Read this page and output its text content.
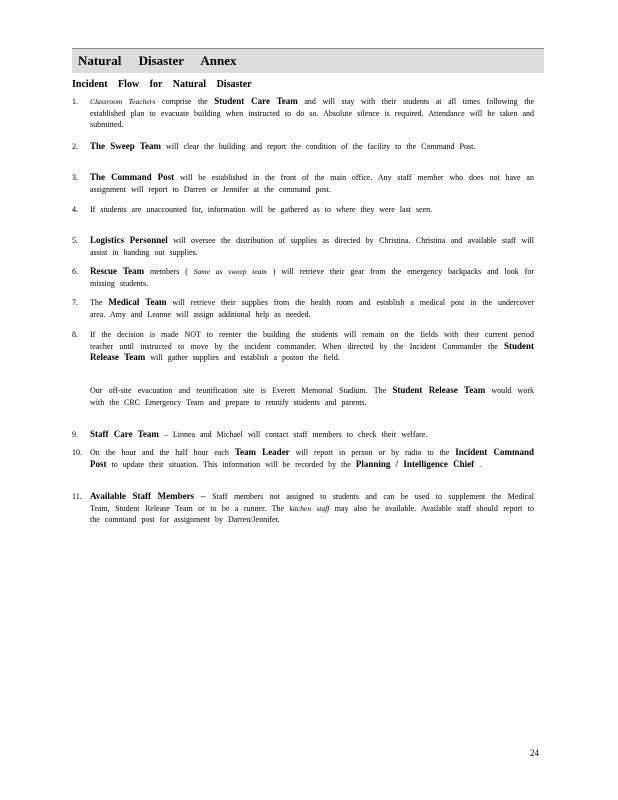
Natural Disaster Annex
Incident Flow for Natural Disaster
1. Classroom Teachers comprise the Student Care Team and will stay with their students at all times following the established plan to evacuate building when instructed to do so. Absolute silence is required. Attendance will be taken and submitted.
2. The Sweep Team will clear the building and report the condition of the facility to the Command Post.
3. The Command Post will be established in the front of the main office. Any staff member who does not have an assignment will report to Darren or Jennifer at the command post.
4. If students are unaccounted for, information will be gathered as to where they were last seen.
5. Logistics Personnel will oversee the distribution of supplies as directed by Christina. Christina and available staff will assist in handing out supplies.
6. Rescue Team members ( Same as sweep team ) will retrieve their gear from the emergency backpacks and look for missing students.
7. The Medical Team will retrieve their supplies from the health room and establish a medical post in the undercover area. Amy and Leanne will assign additional help as needed.
8. If the decision is made NOT to reenter the building the students will remain on the fields with their current period teacher until instructed to move by the incident commander. When directed by the Incident Commander the Student Release Team will gather supplies and establish a poston the field.
Our off-site evacuation and reunification site is Everett Memorial Stadium. The Student Release Team would work with the CRC Emergency Team and prepare to reunify students and parents.
9. Staff Care Team – Linnea and Michael will contact staff members to check their welfare.
10. On the hour and the half hour each Team Leader will report in person or by radio to the Incident Command Post to update their situation. This information will be recorded by the Planning / Intelligence Chief .
11. Available Staff Members -- Staff members not assigned to students and can be used to supplement the Medical Team, Student Release Team or to be a runner. The kitchen staff may also be available. Available staff should report to the command post for assignment by Darren/Jennifer.
24
